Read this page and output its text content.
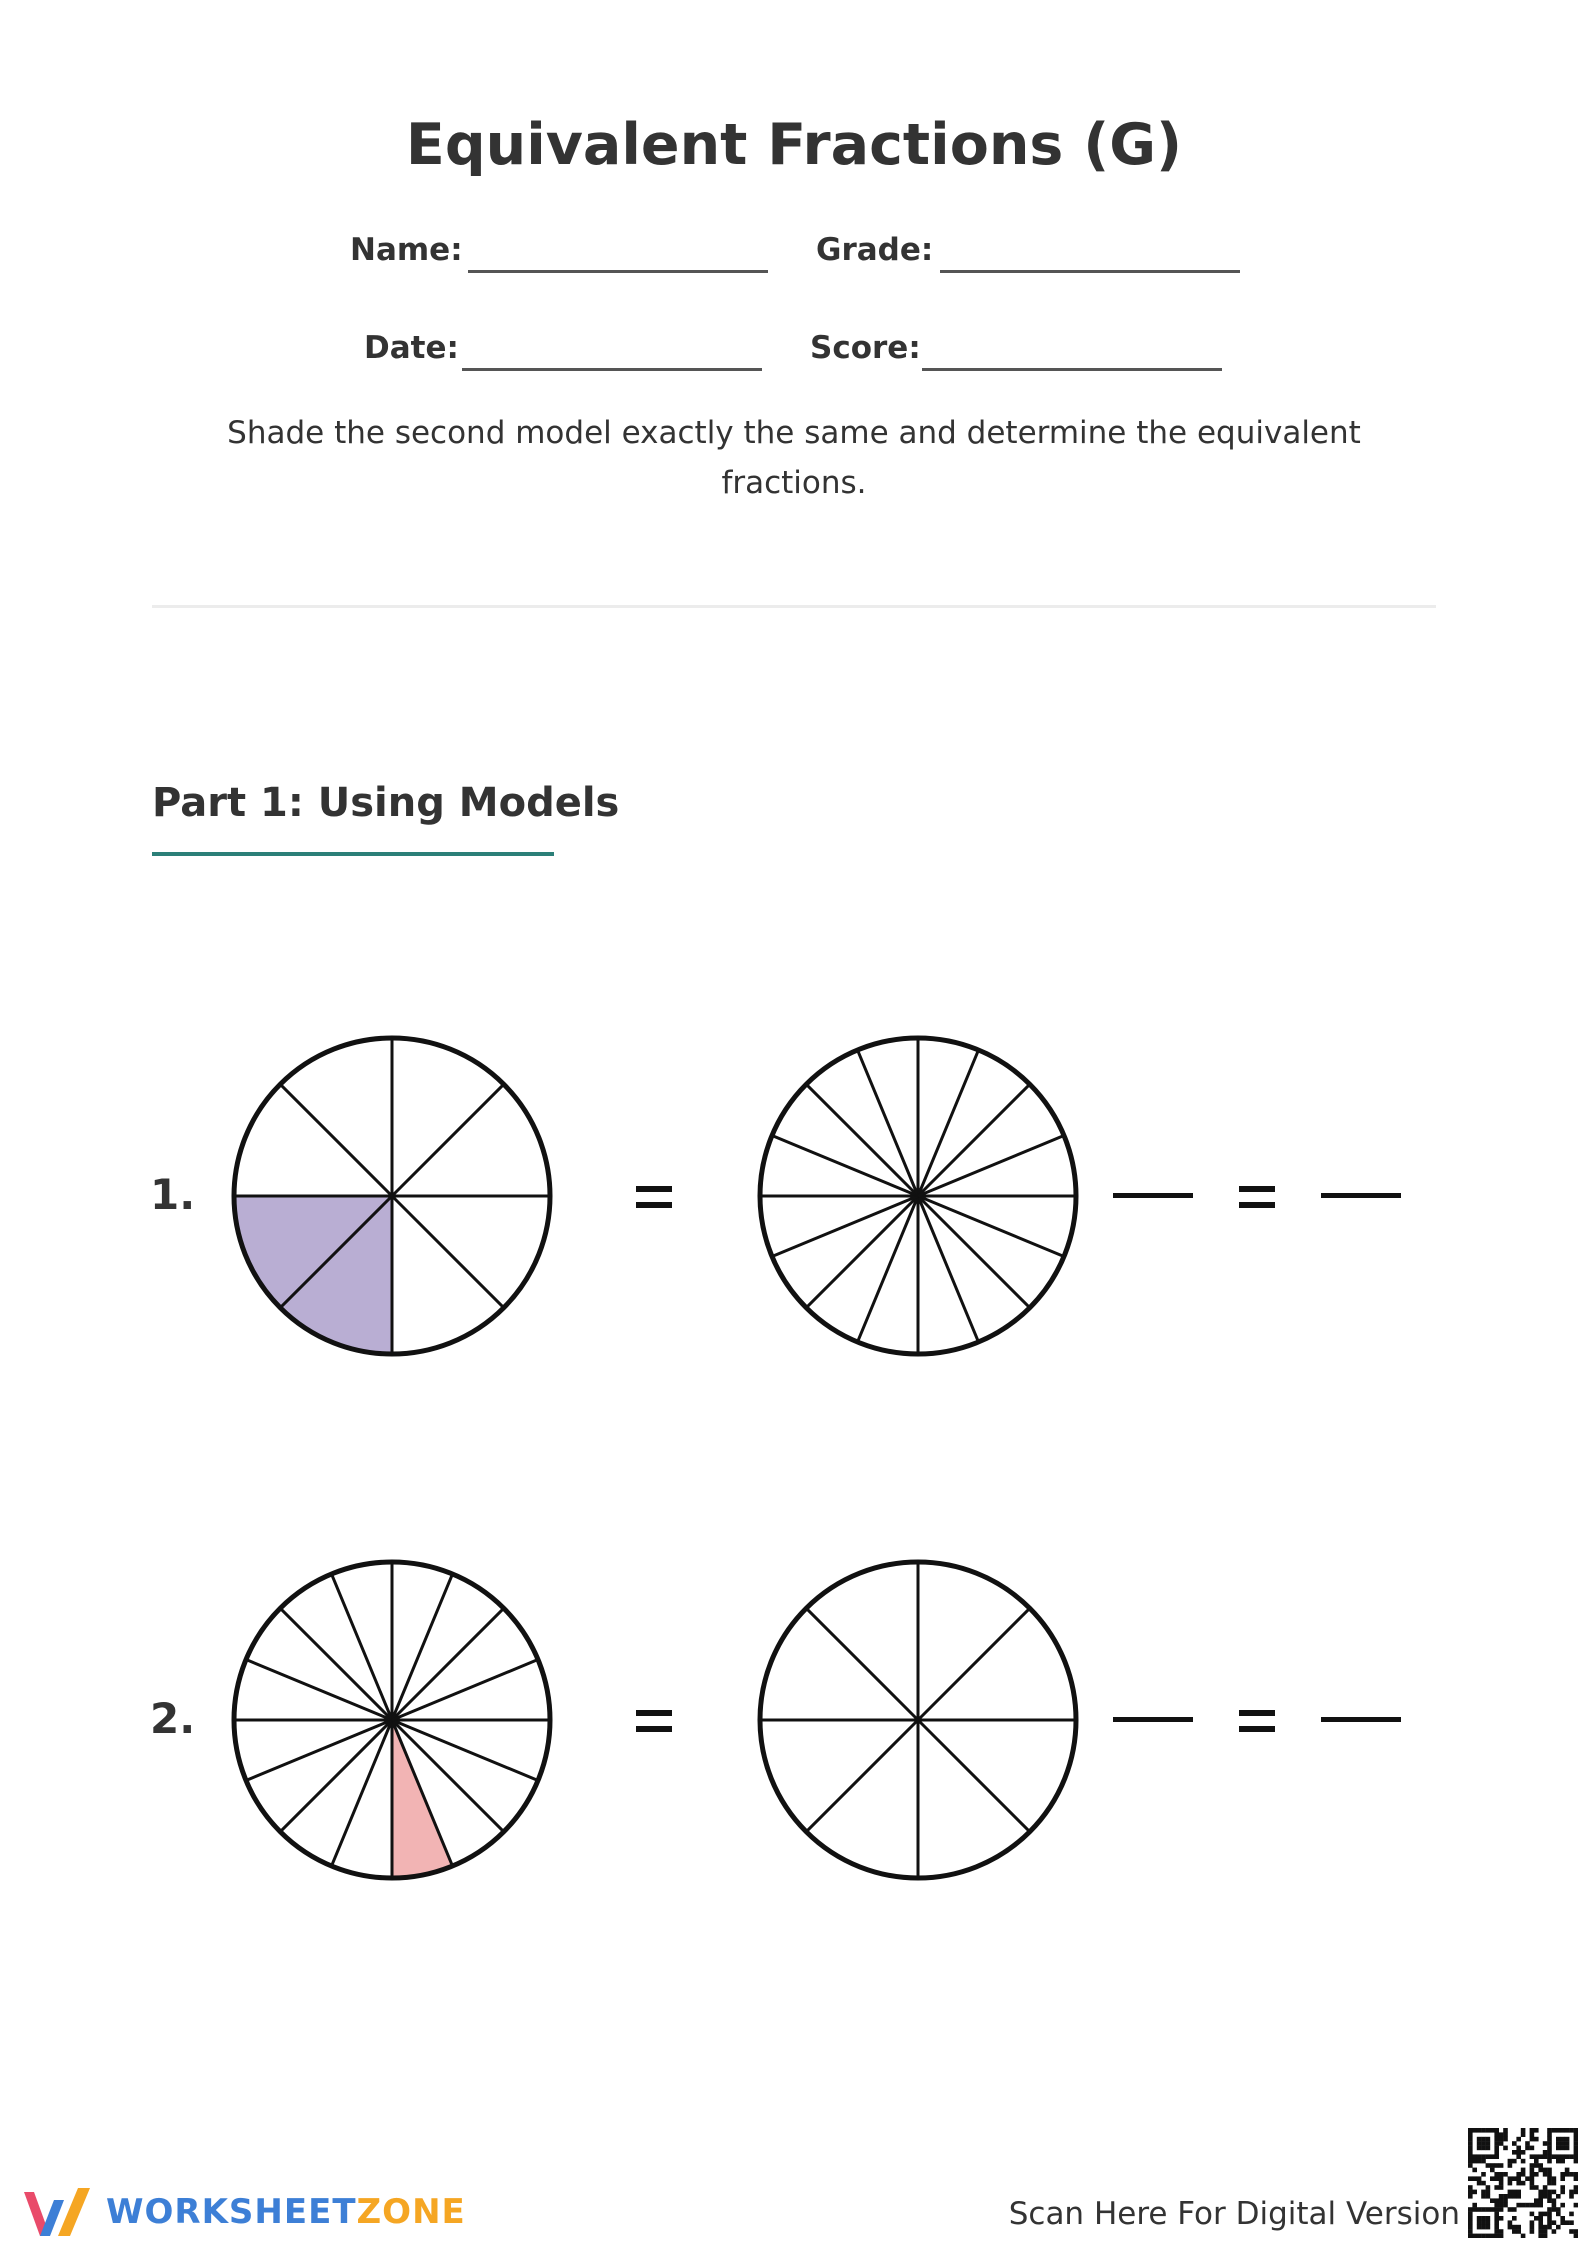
Equivalent Fractions (G)
Name:	Grade:
Date:	Score:
Shade the second model exactly the same and determine the equivalent fractions.
Part 1: Using Models
1.
2.
WORKSHEETZONE	Scan Here For Digital Version
